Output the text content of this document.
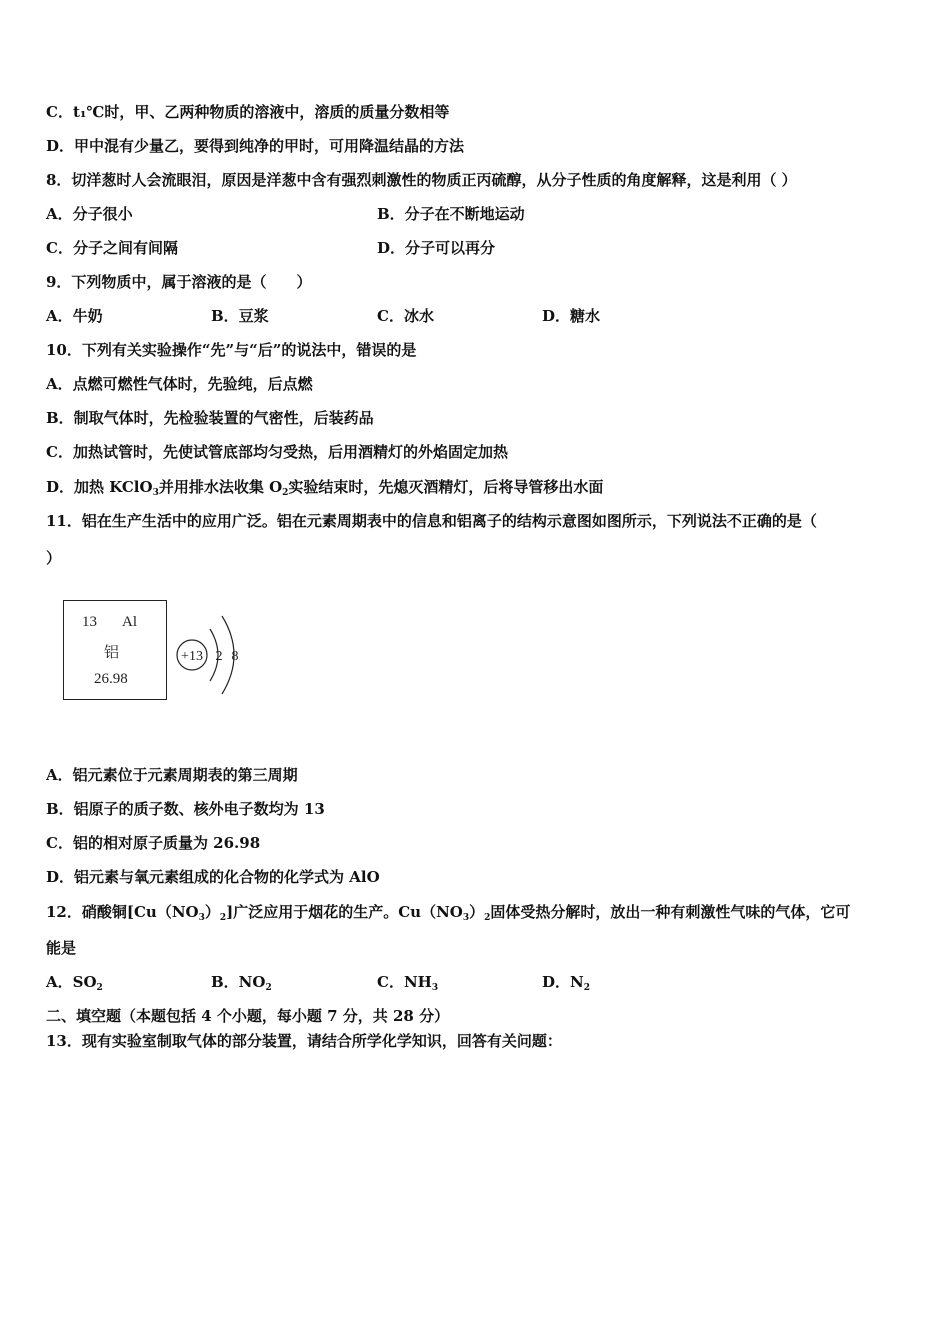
C．t₁℃时，甲、乙两种物质的溶液中，溶质的质量分数相等
D．甲中混有少量乙，要得到纯净的甲时，可用降温结晶的方法
8．切洋葱时人会流眼泪，原因是洋葱中含有强烈刺激性的物质正丙硫醇，从分子性质的角度解释，这是利用（ ）
A．分子很小	B．分子在不断地运动
C．分子之间有间隔	D．分子可以再分
9．下列物质中，属于溶液的是（　　）
A．牛奶	B．豆浆	C．冰水	D．糖水
10．下列有关实验操作“先”与“后”的说法中，错误的是
A．点燃可燃性气体时，先验纯，后点燃
B．制取气体时，先检验装置的气密性，后装药品
C．加热试管时，先使试管底部均匀受热，后用酒精灯的外焰固定加热
D．加热 KClO$_3$并用排水法收集 $O_2$实验结束时，先熄灭酒精灯，后将导管移出水面
11．铝在生产生活中的应用广泛。铝在元素周期表中的信息和铝离子的结构示意图如图所示，下列说法不正确的是（
）
13 Al
铝
26.98
+13 2 8
A．铝元素位于元素周期表的第三周期
B．铝原子的质子数、核外电子数均为 13
C．铝的相对原子质量为 26.98
D．铝元素与氧元素组成的化合物的化学式为 AlO
12．硝酸铜$[Cu(NO_3)_2]$广泛应用于烟花的生产。$Cu(NO_3)_2$固体受热分解时，放出一种有刺激性气味的气体，它可
能是
A．$SO_2$	B．$NO_2$	C．$NH_3$	D．$N_2$
二、填空题（本题包括 4 个小题，每小题 7 分，共 28 分）
13．现有实验室制取气体的部分装置，请结合所学化学知识，回答有关问题：
